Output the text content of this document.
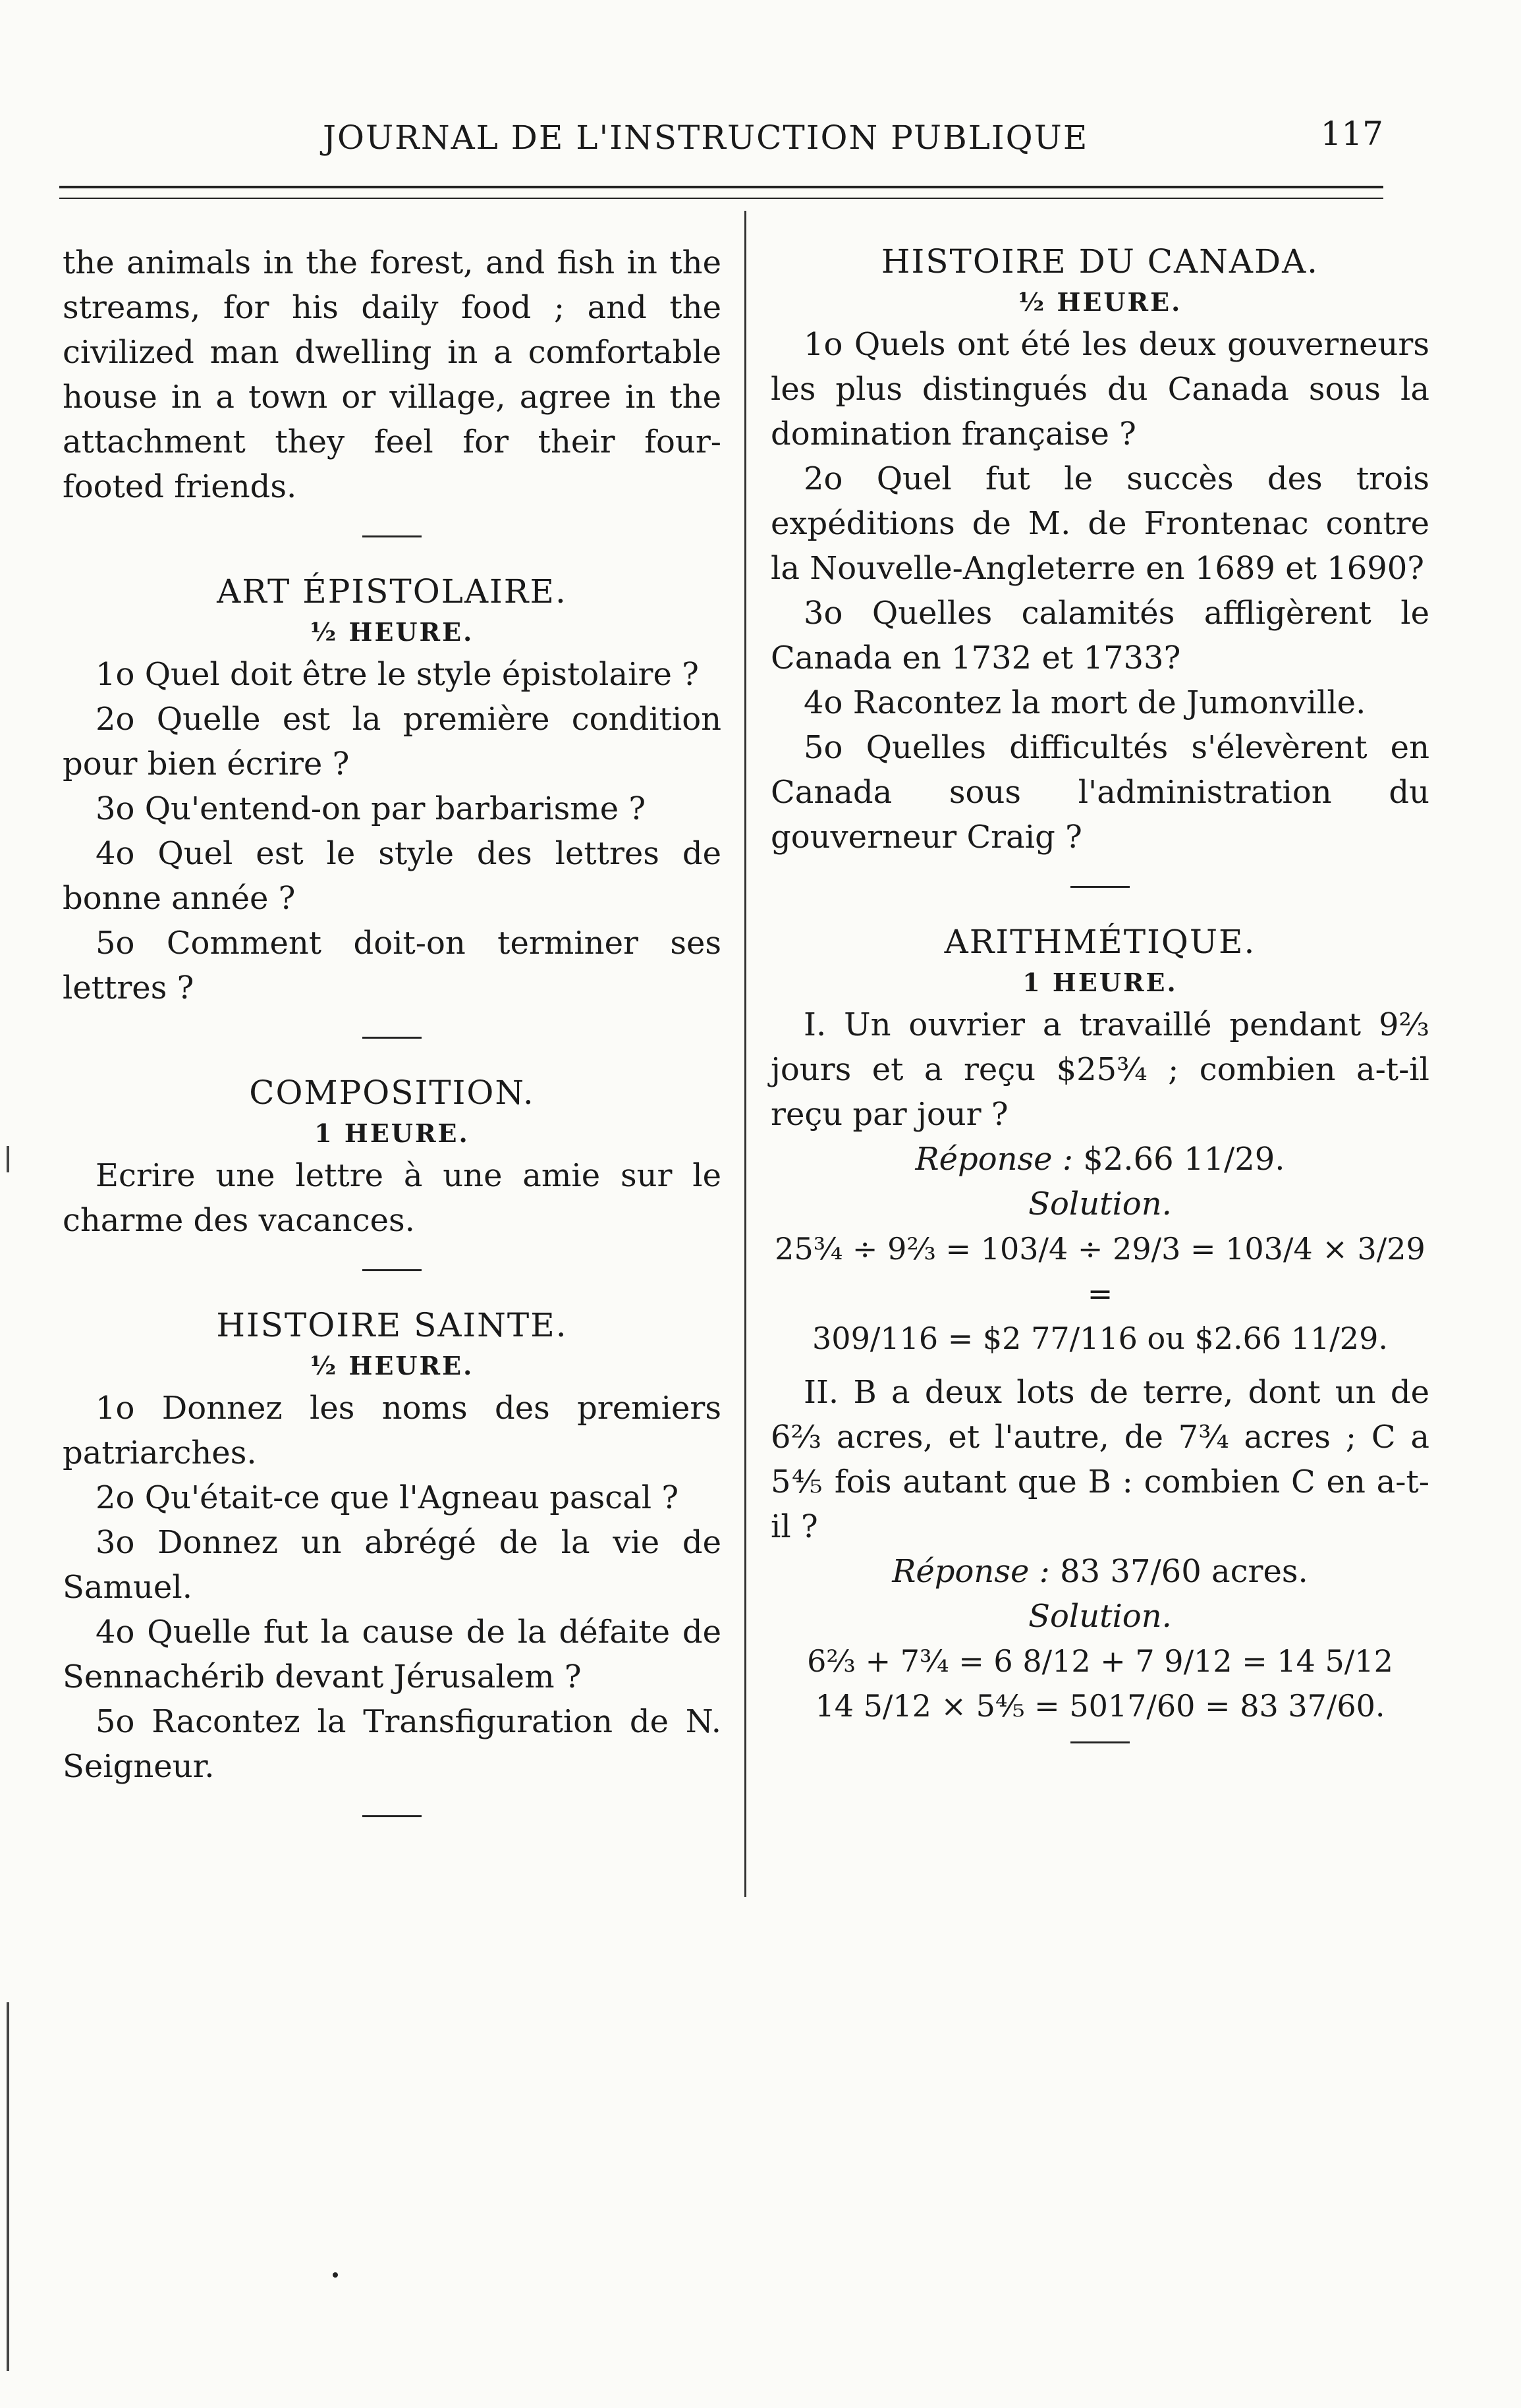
JOURNAL DE L'INSTRUCTION PUBLIQUE	117

the animals in the forest, and fish in the streams, for his daily food ; and the civilized man dwelling in a comfortable house in a town or village, agree in the attachment they feel for their four-footed friends.

ART ÉPISTOLAIRE.
½ HEURE.

1o Quel doit être le style épistolaire ?

2o Quelle est la première condition pour bien écrire ?

3o Qu'entend-on par barbarisme ?

4o Quel est le style des lettres de bonne année ?

5o Comment doit-on terminer ses lettres ?

COMPOSITION.
1 HEURE.

Ecrire une lettre à une amie sur le charme des vacances.

HISTOIRE SAINTE.
½ HEURE.

1o Donnez les noms des premiers patriarches.

2o Qu'était-ce que l'Agneau pascal ?

3o Donnez un abrégé de la vie de Samuel.

4o Quelle fut la cause de la défaite de Sennachérib devant Jérusalem ?

5o Racontez la Transfiguration de N. Seigneur.

HISTOIRE DU CANADA.
½ HEURE.

1o Quels ont été les deux gouverneurs les plus distingués du Canada sous la domination française ?

2o Quel fut le succès des trois expéditions de M. de Frontenac contre la Nouvelle-Angleterre en 1689 et 1690?

3o Quelles calamités affligèrent le Canada en 1732 et 1733?

4o Racontez la mort de Jumonville.

5o Quelles difficultés s'élevèrent en Canada sous l'administration du gouverneur Craig ?

ARITHMÉTIQUE.
1 HEURE.

I. Un ouvrier a travaillé pendant 9⅔ jours et a reçu $25¾ ; combien a-t-il reçu par jour ?

Réponse : $2.66 11/29.

Solution.

25¾ ÷ 9⅔ = 103/4 ÷ 29/3 = 103/4 × 3/29 =

309/116 = $2 77/116 ou $2.66 11/29.

II. B a deux lots de terre, dont un de 6⅔ acres, et l'autre, de 7¾ acres ; C a 5⅘ fois autant que B : combien C en a-t-il ?

Réponse : 83 37/60 acres.

Solution.

6⅔ + 7¾ = 6 8/12 + 7 9/12 = 14 5/12

14 5/12 × 5⅘ = 5017/60 = 83 37/60.
